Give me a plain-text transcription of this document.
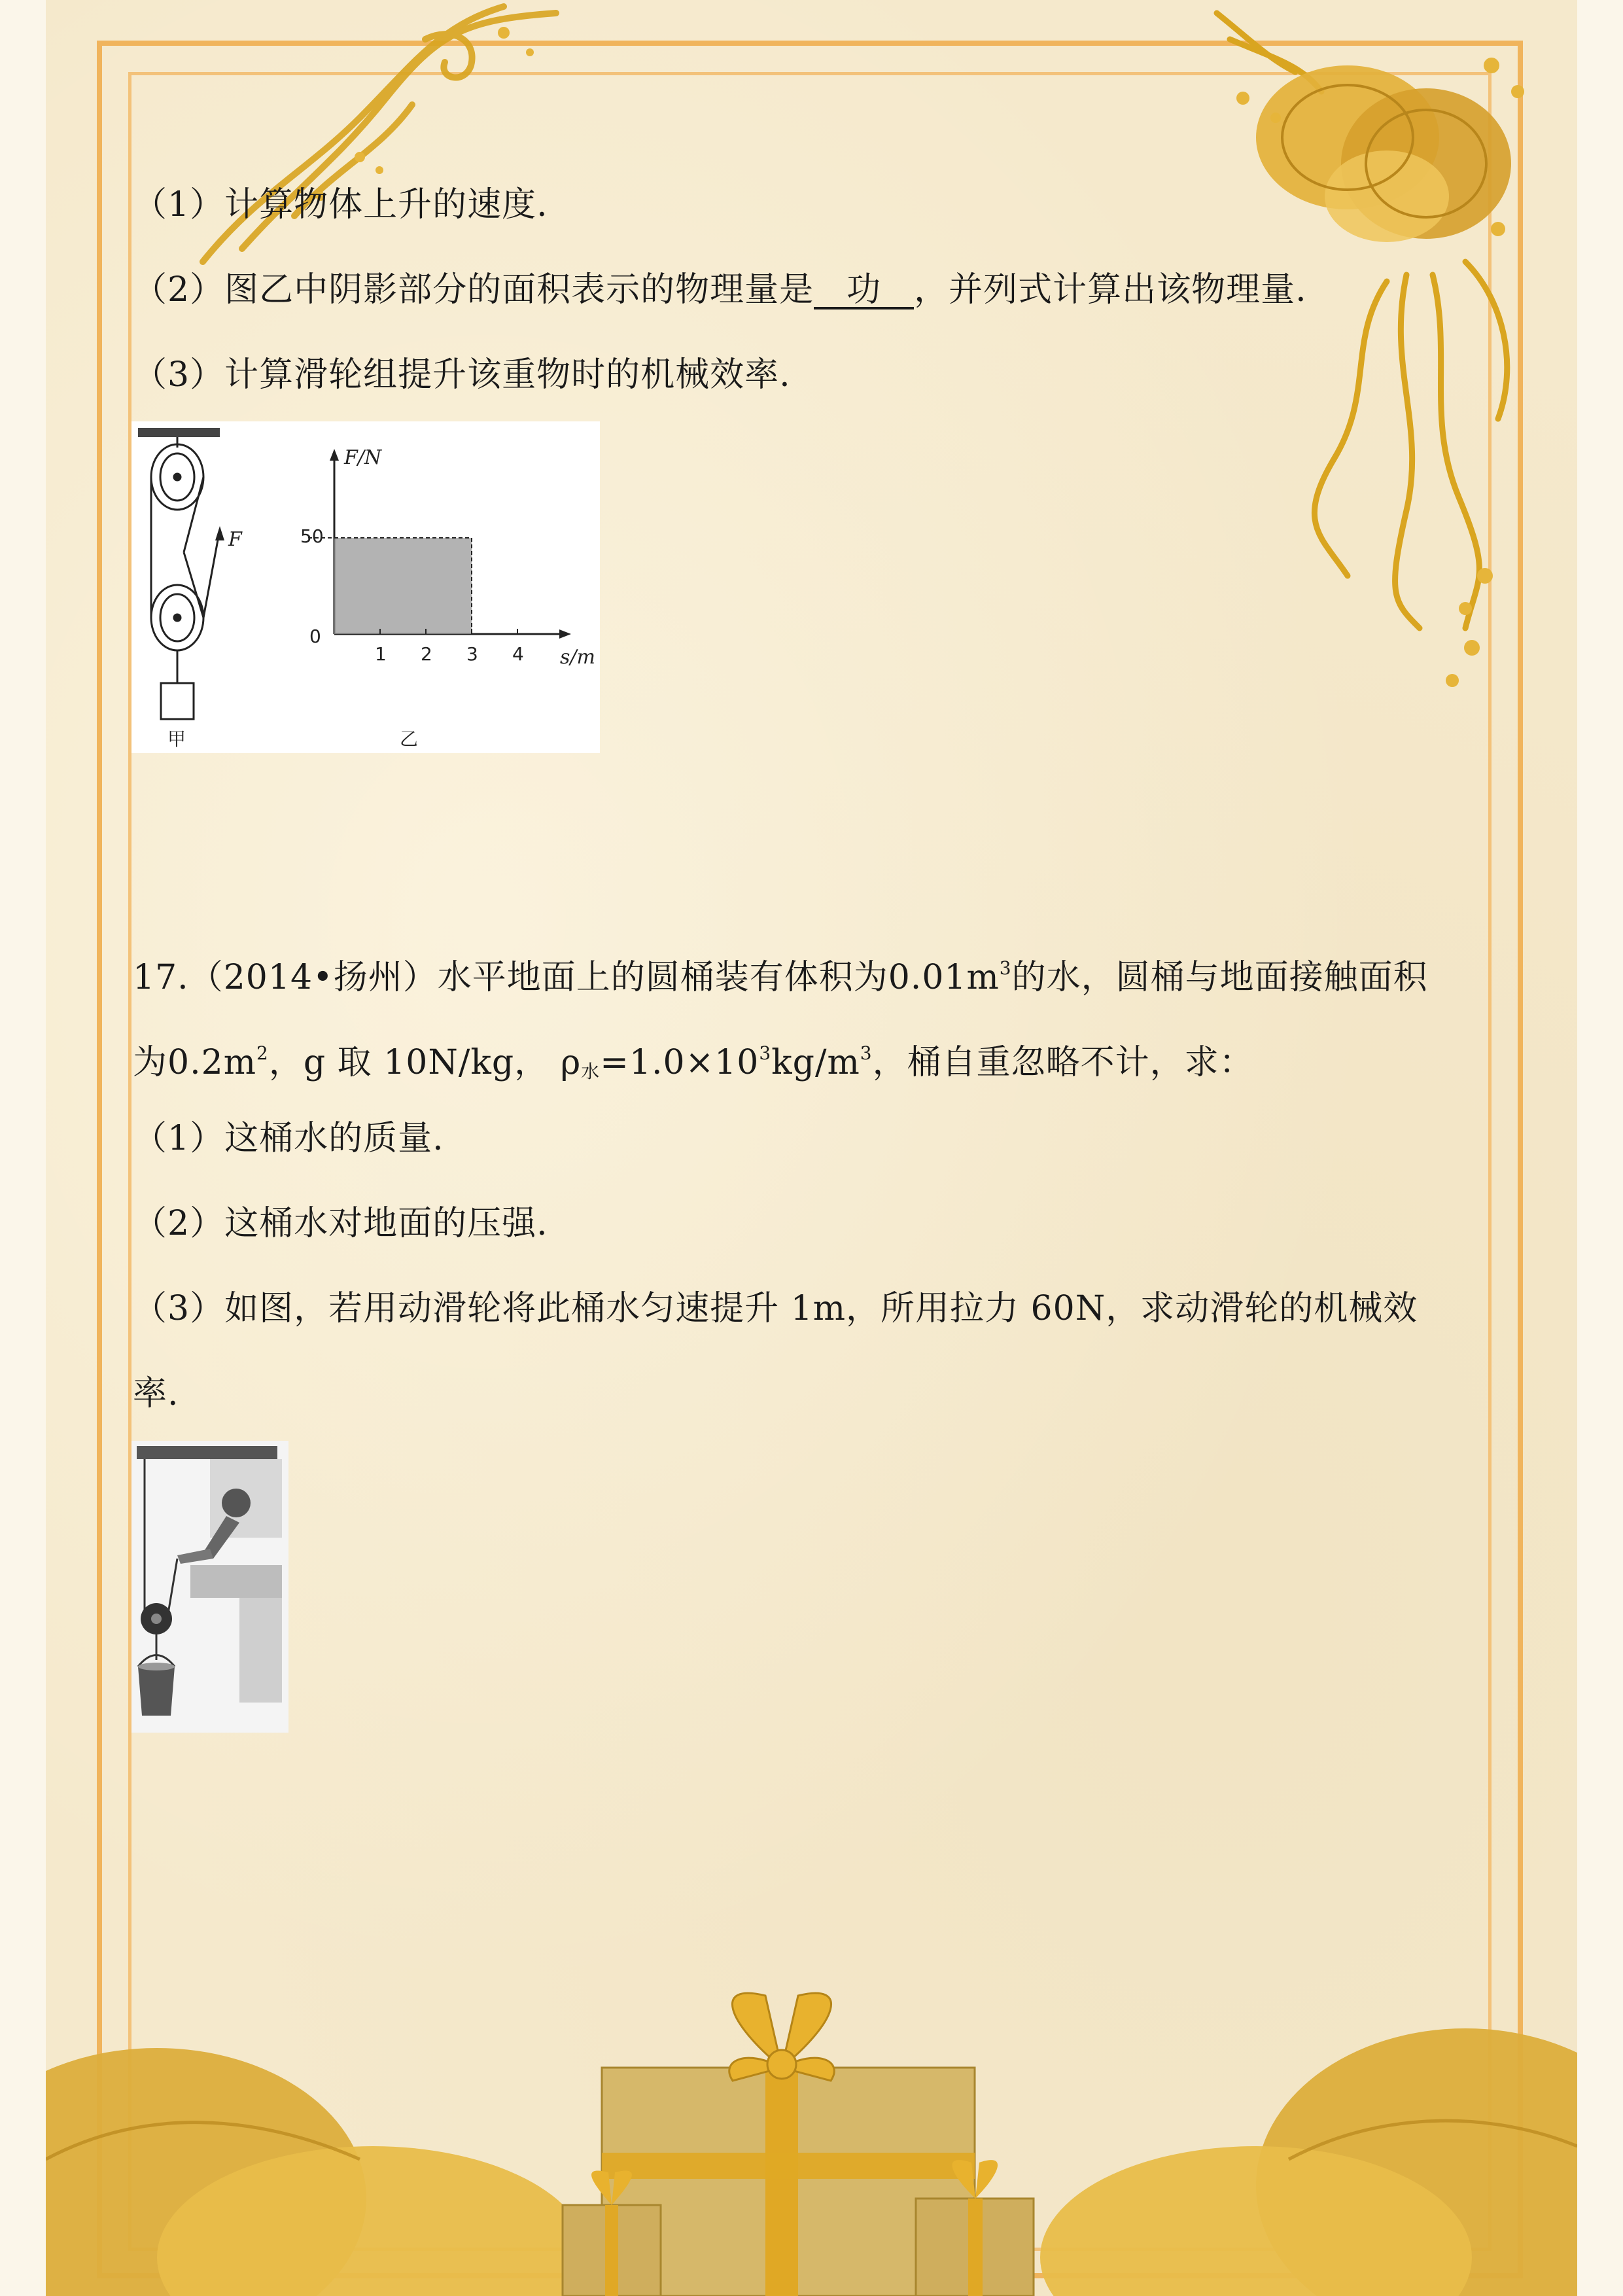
（1）计算物体上升的速度.
（2）图乙中阴影部分的面积表示的物理量是 功 ，并列式计算出该物理量.
（3）计算滑轮组提升该重物时的机械效率.
F
甲
1 2 3 4
F/N
s/m
50
0
乙
17.（2014•扬州）水平地面上的圆桶装有体积为$0.01m^3$的水，圆桶与地面接触面积
为$0.2m^2$，g 取 10N/kg， $\rho_水=1.0\times 10^3kg/m^3$，桶自重忽略不计，求：
（1）这桶水的质量.
（2）这桶水对地面的压强.
（3）如图，若用动滑轮将此桶水匀速提升 1m，所用拉力 60N，求动滑轮的机械效
率.
